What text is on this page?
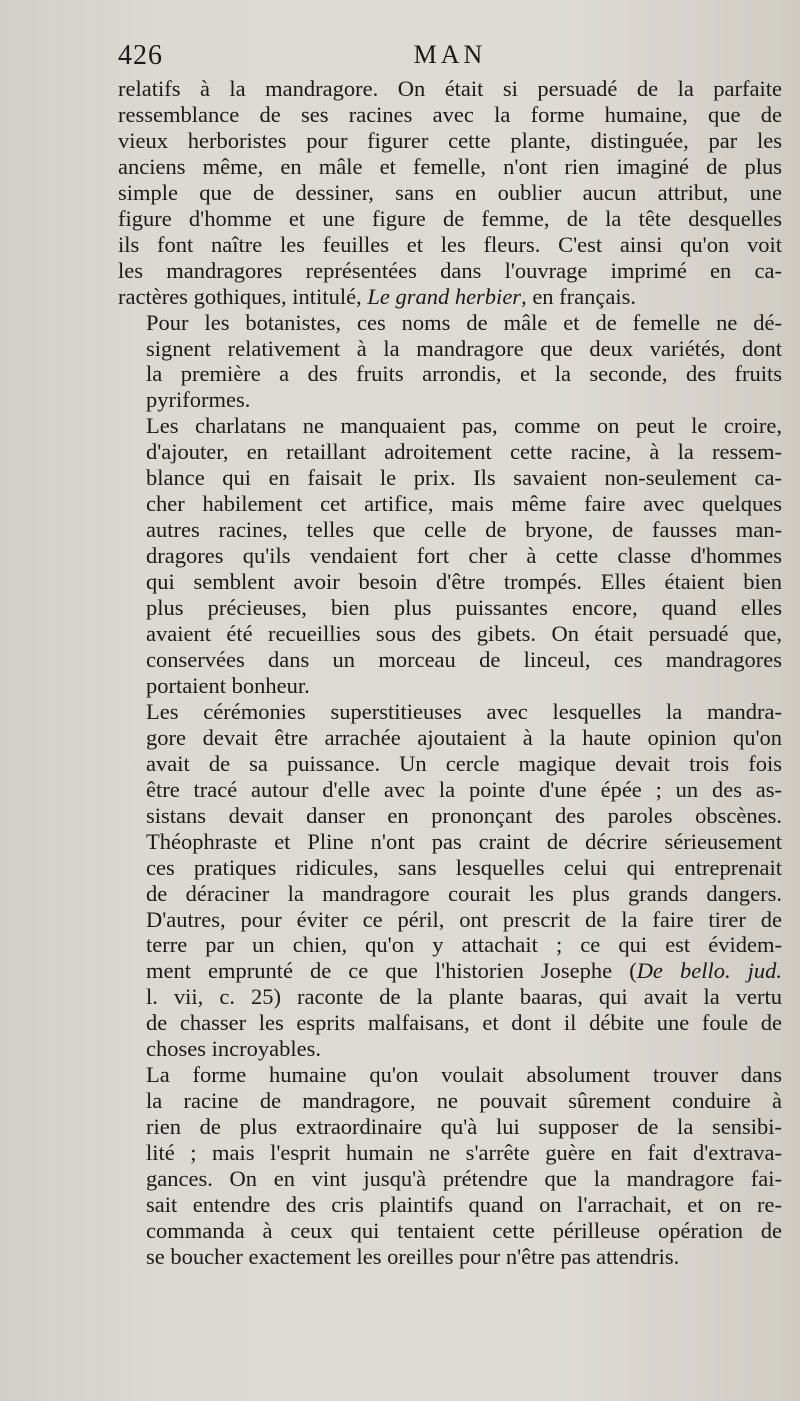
426	MAN

relatifs à la mandragore. On était si persuadé de la parfaite
ressemblance de ses racines avec la forme humaine, que de
vieux herboristes pour figurer cette plante, distinguée, par les
anciens même, en mâle et femelle, n'ont rien imaginé de plus
simple que de dessiner, sans en oublier aucun attribut, une
figure d'homme et une figure de femme, de la tête desquelles
ils font naître les feuilles et les fleurs. C'est ainsi qu'on voit
les mandragores représentées dans l'ouvrage imprimé en ca-
ractères gothiques, intitulé, Le grand herbier, en français.

Pour les botanistes, ces noms de mâle et de femelle ne dé-
signent relativement à la mandragore que deux variétés, dont
la première a des fruits arrondis, et la seconde, des fruits
pyriformes.

Les charlatans ne manquaient pas, comme on peut le croire,
d'ajouter, en retaillant adroitement cette racine, à la ressem-
blance qui en faisait le prix. Ils savaient non-seulement ca-
cher habilement cet artifice, mais même faire avec quelques
autres racines, telles que celle de bryone, de fausses man-
dragores qu'ils vendaient fort cher à cette classe d'hommes
qui semblent avoir besoin d'être trompés. Elles étaient bien
plus précieuses, bien plus puissantes encore, quand elles
avaient été recueillies sous des gibets. On était persuadé que,
conservées dans un morceau de linceul, ces mandragores
portaient bonheur.

Les cérémonies superstitieuses avec lesquelles la mandra-
gore devait être arrachée ajoutaient à la haute opinion qu'on
avait de sa puissance. Un cercle magique devait trois fois
être tracé autour d'elle avec la pointe d'une épée ; un des as-
sistans devait danser en prononçant des paroles obscènes.
Théophraste et Pline n'ont pas craint de décrire sérieusement
ces pratiques ridicules, sans lesquelles celui qui entreprenait
de déraciner la mandragore courait les plus grands dangers.
D'autres, pour éviter ce péril, ont prescrit de la faire tirer de
terre par un chien, qu'on y attachait ; ce qui est évidem-
ment emprunté de ce que l'historien Josephe (De bello. jud.
l. vii, c. 25) raconte de la plante baaras, qui avait la vertu
de chasser les esprits malfaisans, et dont il débite une foule de
choses incroyables.

La forme humaine qu'on voulait absolument trouver dans
la racine de mandragore, ne pouvait sûrement conduire à
rien de plus extraordinaire qu'à lui supposer de la sensibi-
lité ; mais l'esprit humain ne s'arrête guère en fait d'extrava-
gances. On en vint jusqu'à prétendre que la mandragore fai-
sait entendre des cris plaintifs quand on l'arrachait, et on re-
commanda à ceux qui tentaient cette périlleuse opération de
se boucher exactement les oreilles pour n'être pas attendris.
